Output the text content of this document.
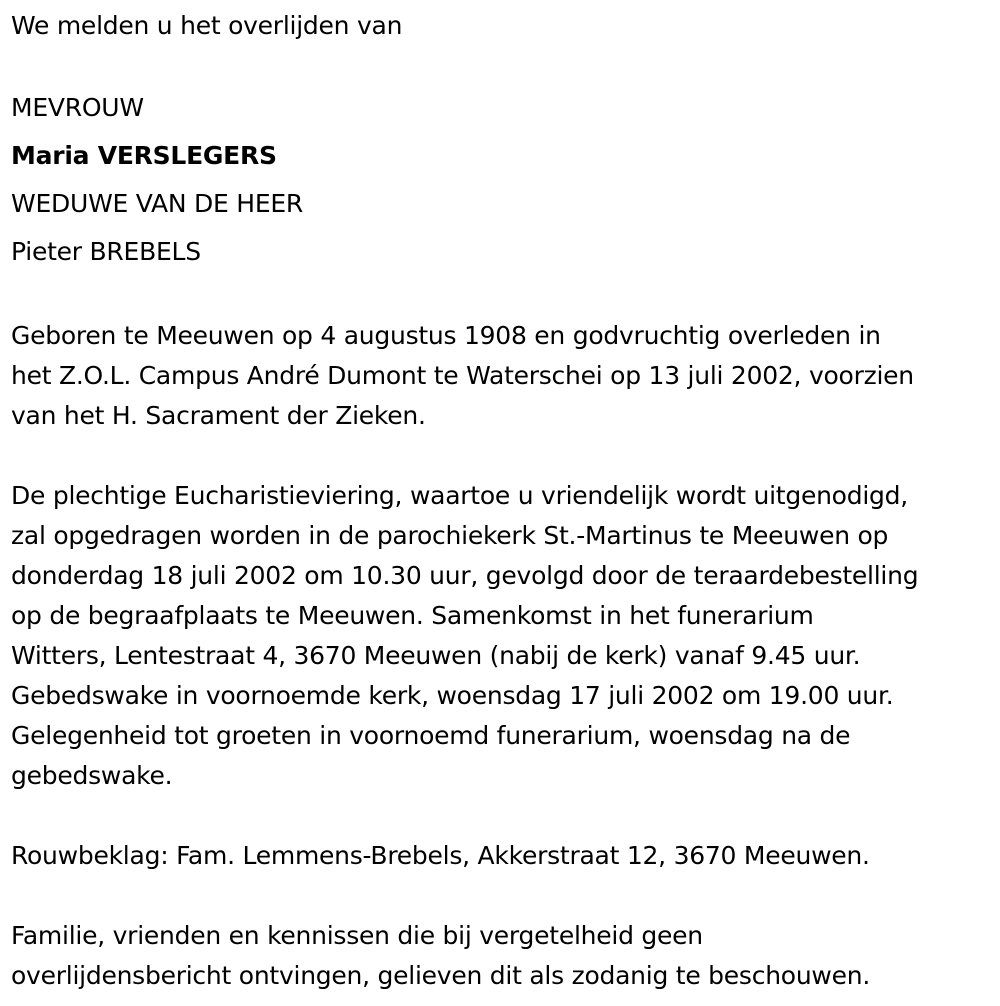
We melden u het overlijden van

MEVROUW

Maria VERSLEGERS

WEDUWE VAN DE HEER

Pieter BREBELS

Geboren te Meeuwen op 4 augustus 1908 en godvruchtig overleden in

het Z.O.L. Campus André Dumont te Waterschei op 13 juli 2002, voorzien

van het H. Sacrament der Zieken.

De plechtige Eucharistieviering, waartoe u vriendelijk wordt uitgenodigd,

zal opgedragen worden in de parochiekerk St.-Martinus te Meeuwen op

donderdag 18 juli 2002 om 10.30 uur, gevolgd door de teraardebestelling

op de begraafplaats te Meeuwen. Samenkomst in het funerarium

Witters, Lentestraat 4, 3670 Meeuwen (nabij de kerk) vanaf 9.45 uur.

Gebedswake in voornoemde kerk, woensdag 17 juli 2002 om 19.00 uur.

Gelegenheid tot groeten in voornoemd funerarium, woensdag na de

gebedswake.

Rouwbeklag: Fam. Lemmens-Brebels, Akkerstraat 12, 3670 Meeuwen.

Familie, vrienden en kennissen die bij vergetelheid geen

overlijdensbericht ontvingen, gelieven dit als zodanig te beschouwen.
